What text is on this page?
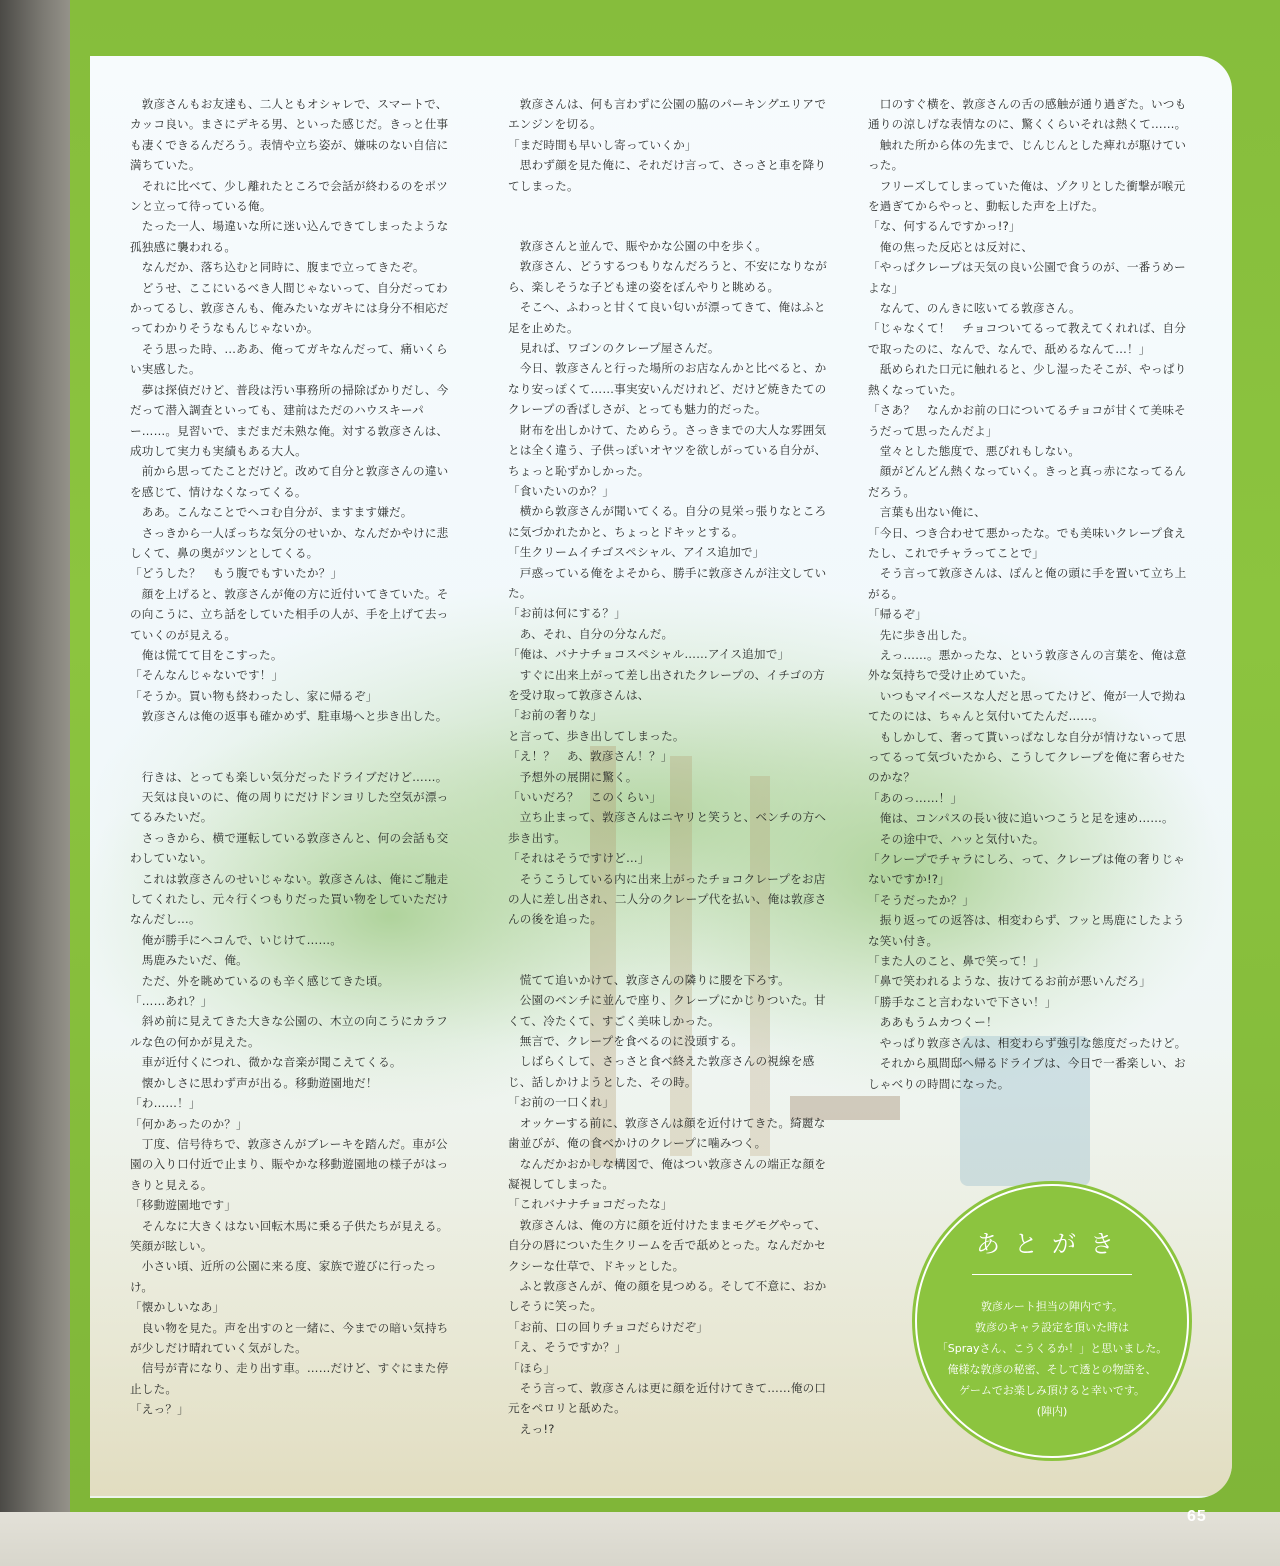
　敦彦さんもお友達も、二人ともオシャレで、スマートで、カッコ良い。まさにデキる男、といった感じだ。きっと仕事も凄くできるんだろう。表情や立ち姿が、嫌味のない自信に満ちていた。

　それに比べて、少し離れたところで会話が終わるのをポツンと立って待っている俺。

　たった一人、場違いな所に迷い込んできてしまったような孤独感に襲われる。

　なんだか、落ち込むと同時に、腹まで立ってきたぞ。

　どうせ、ここにいるべき人間じゃないって、自分だってわかってるし、敦彦さんも、俺みたいなガキには身分不相応だってわかりそうなもんじゃないか。

　そう思った時、…ああ、俺ってガキなんだって、痛いくらい実感した。

　夢は探偵だけど、普段は汚い事務所の掃除ばかりだし、今だって潜入調査といっても、建前はただのハウスキーパー……。見習いで、まだまだ未熟な俺。対する敦彦さんは、成功して実力も実績もある大人。

　前から思ってたことだけど。改めて自分と敦彦さんの違いを感じて、情けなくなってくる。

　ああ。こんなことでヘコむ自分が、ますます嫌だ。

　さっきから一人ぼっちな気分のせいか、なんだかやけに悲しくて、鼻の奥がツンとしてくる。

「どうした？　もう腹でもすいたか？」

　顔を上げると、敦彦さんが俺の方に近付いてきていた。その向こうに、立ち話をしていた相手の人が、手を上げて去っていくのが見える。

　俺は慌てて目をこすった。

「そんなんじゃないです！」

「そうか。買い物も終わったし、家に帰るぞ」

　敦彦さんは俺の返事も確かめず、駐車場へと歩き出した。

　行きは、とっても楽しい気分だったドライブだけど……。

　天気は良いのに、俺の周りにだけドンヨリした空気が漂ってるみたいだ。

　さっきから、横で運転している敦彦さんと、何の会話も交わしていない。

　これは敦彦さんのせいじゃない。敦彦さんは、俺にご馳走してくれたし、元々行くつもりだった買い物をしていただけなんだし…。

　俺が勝手にヘコんで、いじけて……。

　馬鹿みたいだ、俺。

　ただ、外を眺めているのも辛く感じてきた頃。

「……あれ？」

　斜め前に見えてきた大きな公園の、木立の向こうにカラフルな色の何かが見えた。

　車が近付くにつれ、微かな音楽が聞こえてくる。

　懐かしさに思わず声が出る。移動遊園地だ！

「わ……！」

「何かあったのか？」

　丁度、信号待ちで、敦彦さんがブレーキを踏んだ。車が公園の入り口付近で止まり、賑やかな移動遊園地の様子がはっきりと見える。

「移動遊園地です」

　そんなに大きくはない回転木馬に乗る子供たちが見える。笑顔が眩しい。

　小さい頃、近所の公園に来る度、家族で遊びに行ったっけ。

「懐かしいなあ」

　良い物を見た。声を出すのと一緒に、今までの暗い気持ちが少しだけ晴れていく気がした。

　信号が青になり、走り出す車。……だけど、すぐにまた停止した。

「えっ？」

　敦彦さんは、何も言わずに公園の脇のパーキングエリアでエンジンを切る。

「まだ時間も早いし寄っていくか」

　思わず顔を見た俺に、それだけ言って、さっさと車を降りてしまった。

　敦彦さんと並んで、賑やかな公園の中を歩く。

　敦彦さん、どうするつもりなんだろうと、不安になりながら、楽しそうな子ども達の姿をぼんやりと眺める。

　そこへ、ふわっと甘くて良い匂いが漂ってきて、俺はふと足を止めた。

　見れば、ワゴンのクレープ屋さんだ。

　今日、敦彦さんと行った場所のお店なんかと比べると、かなり安っぽくて……事実安いんだけれど、だけど焼きたてのクレープの香ばしさが、とっても魅力的だった。

　財布を出しかけて、ためらう。さっきまでの大人な雰囲気とは全く違う、子供っぽいオヤツを欲しがっている自分が、ちょっと恥ずかしかった。

「食いたいのか？」

　横から敦彦さんが聞いてくる。自分の見栄っ張りなところに気づかれたかと、ちょっとドキッとする。

「生クリームイチゴスペシャル、アイス追加で」

　戸惑っている俺をよそから、勝手に敦彦さんが注文していた。

「お前は何にする？」

　あ、それ、自分の分なんだ。

「俺は、バナナチョコスペシャル……アイス追加で」

　すぐに出来上がって差し出されたクレープの、イチゴの方を受け取って敦彦さんは、

「お前の奢りな」

と言って、歩き出してしまった。

「え！？　あ、敦彦さん！？」

　予想外の展開に驚く。

「いいだろ？　このくらい」

　立ち止まって、敦彦さんはニヤリと笑うと、ベンチの方へ歩き出す。

「それはそうですけど…」

　そうこうしている内に出来上がったチョコクレープをお店の人に差し出され、二人分のクレープ代を払い、俺は敦彦さんの後を追った。

　慌てて追いかけて、敦彦さんの隣りに腰を下ろす。

　公園のベンチに並んで座り、クレープにかじりついた。甘くて、冷たくて、すごく美味しかった。

　無言で、クレープを食べるのに没頭する。

　しばらくして、さっさと食べ終えた敦彦さんの視線を感じ、話しかけようとした、その時。

「お前の一口くれ」

　オッケーする前に、敦彦さんは顔を近付けてきた。綺麗な歯並びが、俺の食べかけのクレープに噛みつく。

　なんだかおかしな構図で、俺はつい敦彦さんの端正な顔を凝視してしまった。

「これバナナチョコだったな」

　敦彦さんは、俺の方に顔を近付けたままモグモグやって、自分の唇についた生クリームを舌で舐めとった。なんだかセクシーな仕草で、ドキッとした。

　ふと敦彦さんが、俺の顔を見つめる。そして不意に、おかしそうに笑った。

「お前、口の回りチョコだらけだぞ」

「え、そうですか？」

「ほら」

　そう言って、敦彦さんは更に顔を近付けてきて……俺の口元をペロリと舐めた。

　えっ!?

　口のすぐ横を、敦彦さんの舌の感触が通り過ぎた。いつも通りの涼しげな表情なのに、驚くくらいそれは熱くて……。

　触れた所から体の先まで、じんじんとした痺れが駆けていった。

　フリーズしてしまっていた俺は、ゾクリとした衝撃が喉元を過ぎてからやっと、動転した声を上げた。

「な、何するんですかっ!?」

　俺の焦った反応とは反対に、

「やっぱクレープは天気の良い公園で食うのが、一番うめーよな」

　なんて、のんきに呟いてる敦彦さん。

「じゃなくて！　チョコついてるって教えてくれれば、自分で取ったのに、なんで、なんで、舐めるなんて…！」

　舐められた口元に触れると、少し湿ったそこが、やっぱり熱くなっていた。

「さあ？　なんかお前の口についてるチョコが甘くて美味そうだって思ったんだよ」

　堂々とした態度で、悪びれもしない。

　顔がどんどん熱くなっていく。きっと真っ赤になってるんだろう。

　言葉も出ない俺に、

「今日、つき合わせて悪かったな。でも美味いクレープ食えたし、これでチャラってことで」

　そう言って敦彦さんは、ぽんと俺の頭に手を置いて立ち上がる。

「帰るぞ」

　先に歩き出した。

　えっ……。悪かったな、という敦彦さんの言葉を、俺は意外な気持ちで受け止めていた。

　いつもマイペースな人だと思ってたけど、俺が一人で拗ねてたのには、ちゃんと気付いてたんだ……。

　もしかして、奢って貰いっぱなしな自分が情けないって思ってるって気づいたから、こうしてクレープを俺に奢らせたのかな？

「あのっ……！」

　俺は、コンパスの長い彼に追いつこうと足を速め……。

　その途中で、ハッと気付いた。

「クレープでチャラにしろ、って、クレープは俺の奢りじゃないですか!?」

「そうだったか？」

　振り返っての返答は、相変わらず、フッと馬鹿にしたような笑い付き。

「また人のこと、鼻で笑って！」

「鼻で笑われるような、抜けてるお前が悪いんだろ」

「勝手なこと言わないで下さい！」

　ああもうムカつくー！

　やっぱり敦彦さんは、相変わらず強引な態度だったけど。

　それから風間邸へ帰るドライブは、今日で一番楽しい、おしゃべりの時間になった。

あとがき

敦彦ルート担当の陣内です。

敦彦のキャラ設定を頂いた時は

「Sprayさん、こうくるか！」と思いました。

俺様な敦彦の秘密、そして透との物語を、

ゲームでお楽しみ頂けると幸いです。

(陣内)

65
